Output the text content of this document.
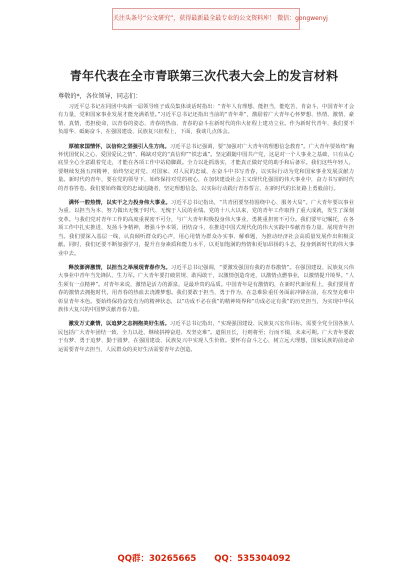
关注头条号“公文研究”，获得最新最全最专业的公文资料库！ 微信：gongwenyj
青年代表在全市青联第三次代表大会上的发言材料
尊敬的*，各位领导，同志们：

习近平总书记在同团中央新一届领导班子成员集体谈话时指出：“青年人有理想、能担当，能吃苦，肯奋斗，中国青年才会有力量，党和国家事业发展才能充满希望。”习近平总书记还指出当前的“青年辈”，激励着广大青年心怀梦想、热情、激情、豪情、真情，勇担使命，以青春的姿态、青春的热血、青春的奋斗在新时代的伟大征程上建功立业。作为新时代青年，我们要不负韶华、砥砺奋斗，在强国建设、民族复兴征程上，下面，我谈几点体会。

厚植家国情怀，以信仰之坚强引人生方向。习近平总书记强调，要“加强对广大青年的理想信念教育”。广大青年要始终“胸怀忧国忧民之心、爱国爱民之情”，稀缺对党的“真信仰”“铁忠诚”。坚定跟随中国共产党，这是对一个人事业之基础，只有从心底里全心全意跟着党走，才能在各项工作中站稳脚跟。全力以赴抓落实，才能真正做好党的助手和后备军。我们这些年轻人，要继续发扬五四精神，始终坚定对党、对国家、对人民的忠诚，在奋斗中书写青春，以实际行动为党和国家事业发展贡献力量。新时代的青年，要在党的领导下，始终保持对党的初心，在加快建设社会主义现代化强国的伟大事业中，奋力书写新时代的青春答卷。我们要始终做党的忠诚追随者，坚定理想信念，以实际行动践行青春誓言，在新时代的长征路上勇毅前行。

满怀一腔热情，以实干之力投身伟大事业。习近平总书记指出，“共青团要坚持围绕中心、服务大局”。广大青年要以事业为重、以担当为本，努力做出无愧于时代、无愧于人民的业绩。党的十八大以来，党的青年工作取得了重大成就，发生了深刻变革。与我们党对青年工作的高度重视密不可分，与广大青年积极投身伟大事业、勇挑重担密不可分。我们要牢记嘱托，在各项工作中扎实推进，发扬斗争精神，增强斗争本领，团结奋斗，在推进中国式现代化的伟大实践中奉献青春力量、展现青年担当。我们要深入基层一线，认真倾听群众的心声，用心用情为群众办实事、解难题，为推动经济社会高质量发展作出积极贡献。同时，我们还要不断加强学习，提升自身素质和能力水平，以更加饱满的热情和更加昂扬的斗志，投身到新时代的伟大事业中去。

释放澎湃激情，以担当之举展现青春作为。习近平总书记强调，“要激发强国有我的青春激情”。在强国建设、民族复兴伟大事业中青年当先锋队、生力军。广大青年要打破常规、敢闯敢干，以激情创造奇迹，以激情点燃事业，以激情提升境界。“人生须有一点精神”。对青年来说，激情是活力的源泉，是最珍贵的品质。中国青年是有激情的，在新时代新征程上，我们要用青春的激情去拥抱时代，用青春的热血去浇灌梦想。我们要敢于担当、勇于作为，在急难险重任务面前冲锋在前，在攻坚克难中彰显青年本色。要始终保持奋发有为的精神状态，以“功成不必在我”的精神境界和“功成必定有我”的历史担当，为实现中华民族伟大复兴的中国梦贡献青春力量。

激发万丈豪情，以追梦之志拥抱美好生活。习近平总书记指出，“实现强国建设、民族复兴宏伟目标，需要全党全国各族人民包括广大青年团结一致、全力以赴，继续拼搏奋进、攻坚克难”。道阻且长，行则将至；行而不辍，未来可期。广大青年要敢于有梦、勇于追梦、勤于圆梦，在强国建设、民族复兴中实现人生价值。要怀有奋斗之心，树立远大理想，国家民族的前途命运需要青年去担当，人民群众的美好生活需要青年去创造。

QQ群：30265665 QQ：535304092
